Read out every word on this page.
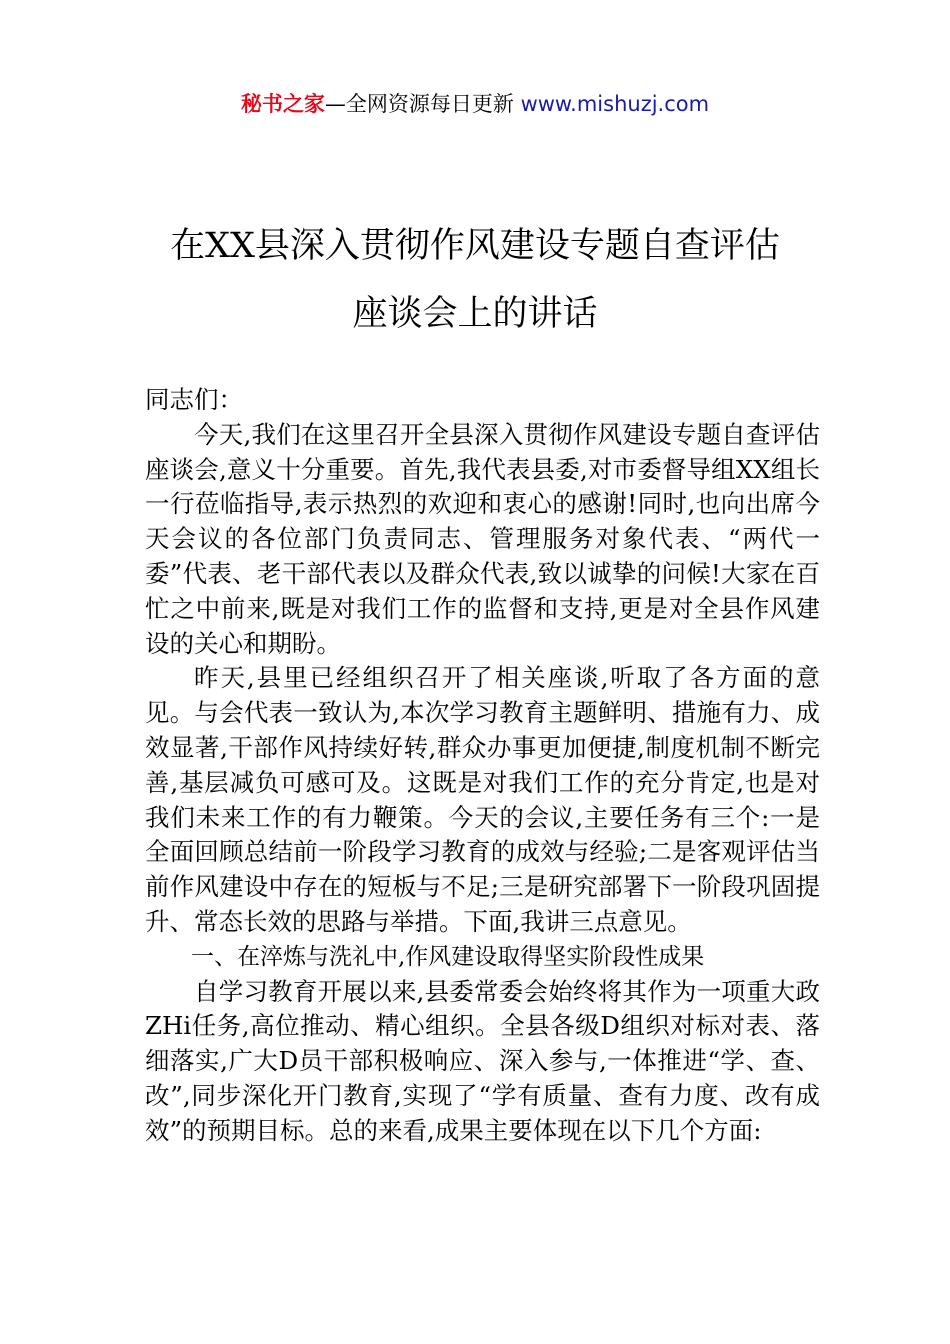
秘书之家—全网资源每日更新 www.mishuzj.com
在XX县深入贯彻作风建设专题自查评估
座谈会上的讲话

同志们：

今天,我们在这里召开全县深入贯彻作风建设专题自查评估座谈会,意义十分重要。首先,我代表县委,对市委督导组XX组长一行莅临指导,表示热烈的欢迎和衷心的感谢!同时,也向出席今天会议的各位部门负责同志、管理服务对象代表、“两代一委”代表、老干部代表以及群众代表,致以诚挚的问候!大家在百忙之中前来,既是对我们工作的监督和支持,更是对全县作风建设的关心和期盼。

昨天,县里已经组织召开了相关座谈,听取了各方面的意见。与会代表一致认为,本次学习教育主题鲜明、措施有力、成效显著,干部作风持续好转,群众办事更加便捷,制度机制不断完善,基层减负可感可及。这既是对我们工作的充分肯定,也是对我们未来工作的有力鞭策。今天的会议,主要任务有三个:一是全面回顾总结前一阶段学习教育的成效与经验;二是客观评估当前作风建设中存在的短板与不足;三是研究部署下一阶段巩固提升、常态长效的思路与举措。下面,我讲三点意见。

一、在淬炼与洗礼中,作风建设取得坚实阶段性成果

自学习教育开展以来,县委常委会始终将其作为一项重大政ZHi任务,高位推动、精心组织。全县各级D组织对标对表、落细落实,广大D员干部积极响应、深入参与,一体推进“学、查、改”,同步深化开门教育,实现了“学有质量、查有力度、改有成效”的预期目标。总的来看,成果主要体现在以下几个方面:
